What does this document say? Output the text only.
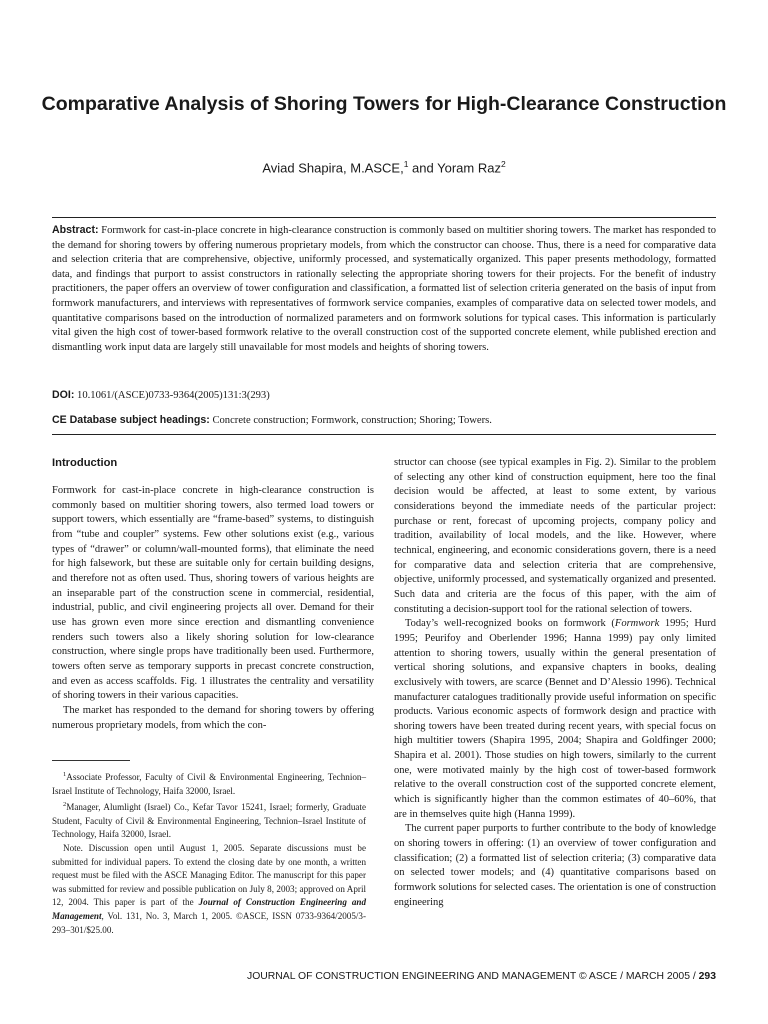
Comparative Analysis of Shoring Towers for High-Clearance Construction
Aviad Shapira, M.ASCE,$^1$ and Yoram Raz$^2$

Abstract: Formwork for cast-in-place concrete in high-clearance construction is commonly based on multitier shoring towers. The market has responded to the demand for shoring towers by offering numerous proprietary models, from which the constructor can choose. Thus, there is a need for comparative data and selection criteria that are comprehensive, objective, uniformly processed, and systematically organized. This paper presents methodology, formatted data, and findings that purport to assist constructors in rationally selecting the appropriate shoring towers for their projects. For the benefit of industry practitioners, the paper offers an overview of tower configuration and classification, a formatted list of selection criteria generated on the basis of input from formwork manufacturers, and interviews with representatives of formwork service companies, examples of comparative data on selected tower models, and quantitative comparisons based on the introduction of normalized parameters and on formwork solutions for typical cases. This information is particularly vital given the high cost of tower-based formwork relative to the overall construction cost of the supported concrete element, while published erection and dismantling work input data are largely still unavailable for most models and heights of shoring towers.

DOI: 10.1061/(ASCE)0733-9364(2005)131:3(293)
CE Database subject headings: Concrete construction; Formwork, construction; Shoring; Towers.
Introduction

Formwork for cast-in-place concrete in high-clearance construction is commonly based on multitier shoring towers, also termed load towers or support towers, which essentially are “frame-based” systems, to distinguish from “tube and coupler” systems. Few other solutions exist (e.g., various types of “drawer” or column/wall-mounted forms), that eliminate the need for high falsework, but these are suitable only for certain building designs, and therefore not as often used. Thus, shoring towers of various heights are an inseparable part of the construction scene in commercial, residential, industrial, public, and civil engineering projects all over. Demand for their use has grown even more since erection and dismantling convenience renders such towers also a likely shoring solution for low-clearance construction, where single props have traditionally been used. Furthermore, towers often serve as temporary supports in precast concrete construction, and even as access scaffolds. Fig. 1 illustrates the centrality and versatility of shoring towers in their various capacities.

The market has responded to the demand for shoring towers by offering numerous proprietary models, from which the con-

$^1$Associate Professor, Faculty of Civil & Environmental Engineering, Technion–Israel Institute of Technology, Haifa 32000, Israel.

$^2$Manager, Alumlight (Israel) Co., Kefar Tavor 15241, Israel; formerly, Graduate Student, Faculty of Civil & Environmental Engineering, Technion–Israel Institute of Technology, Haifa 32000, Israel.

Note. Discussion open until August 1, 2005. Separate discussions must be submitted for individual papers. To extend the closing date by one month, a written request must be filed with the ASCE Managing Editor. The manuscript for this paper was submitted for review and possible publication on July 8, 2003; approved on April 12, 2004. This paper is part of the Journal of Construction Engineering and Management, Vol. 131, No. 3, March 1, 2005. ©ASCE, ISSN 0733-9364/2005/3-293–301/$25.00.

structor can choose (see typical examples in Fig. 2). Similar to the problem of selecting any other kind of construction equipment, here too the final decision would be affected, at least to some extent, by various considerations beyond the immediate needs of the particular project: purchase or rent, forecast of upcoming projects, company policy and tradition, availability of local models, and the like. However, where technical, engineering, and economic considerations govern, there is a need for comparative data and selection criteria that are comprehensive, objective, uniformly processed, and systematically organized and presented. Such data and criteria are the focus of this paper, with the aim of constituting a decision-support tool for the rational selection of towers.

Today’s well-recognized books on formwork (Formwork 1995; Hurd 1995; Peurifoy and Oberlender 1996; Hanna 1999) pay only limited attention to shoring towers, usually within the general presentation of vertical shoring solutions, and expansive chapters in books, dealing exclusively with towers, are scarce (Bennet and D’Alessio 1996). Technical manufacturer catalogues traditionally provide useful information on specific products. Various economic aspects of formwork design and practice with shoring towers have been treated during recent years, with special focus on high multitier towers (Shapira 1995, 2004; Shapira and Goldfinger 2000; Shapira et al. 2001). Those studies on high towers, similarly to the current one, were motivated mainly by the high cost of tower-based formwork relative to the overall construction cost of the supported concrete element, which is significantly higher than the common estimates of 40–60%, that are in themselves quite high (Hanna 1999).

The current paper purports to further contribute to the body of knowledge on shoring towers in offering: (1) an overview of tower configuration and classification; (2) a formatted list of selection criteria; (3) comparative data on selected tower models; and (4) quantitative comparisons based on formwork solutions for selected cases. The orientation is one of construction engineering

JOURNAL OF CONSTRUCTION ENGINEERING AND MANAGEMENT © ASCE / MARCH 2005 / 293
